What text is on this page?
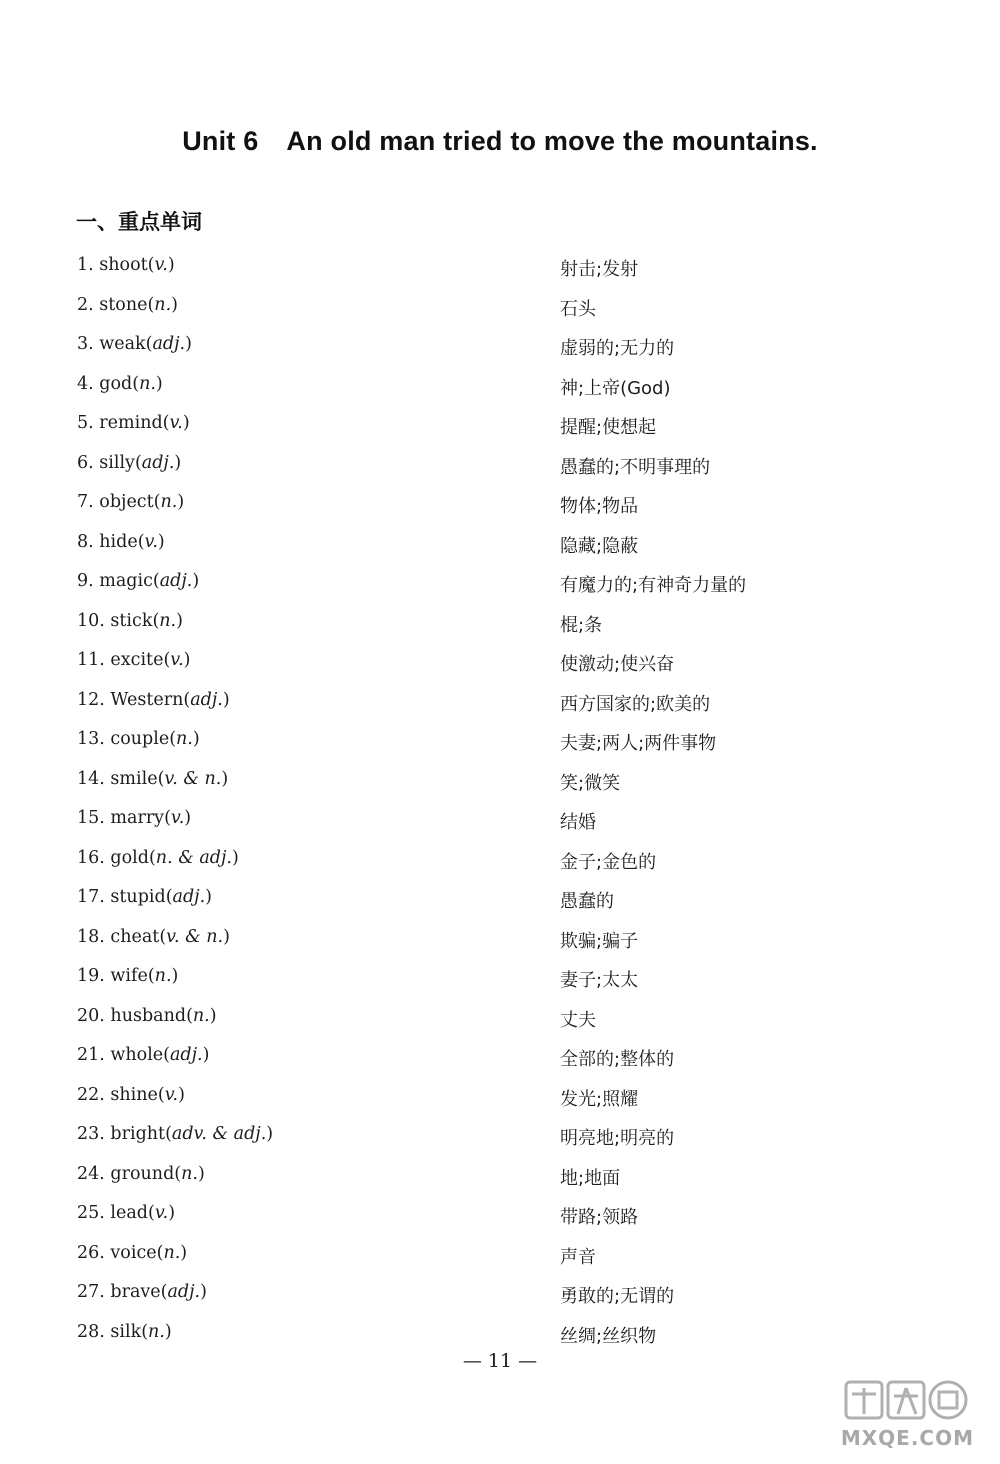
Unit 6 An old man tried to move the mountains.
一、重点单词
1. shoot(v.)	射击;发射
2. stone(n.)	石头
3. weak(adj.)	虚弱的;无力的
4. god(n.)	神;上帝(God)
5. remind(v.)	提醒;使想起
6. silly(adj.)	愚蠢的;不明事理的
7. object(n.)	物体;物品
8. hide(v.)	隐藏;隐蔽
9. magic(adj.)	有魔力的;有神奇力量的
10. stick(n.)	棍;条
11. excite(v.)	使激动;使兴奋
12. Western(adj.)	西方国家的;欧美的
13. couple(n.)	夫妻;两人;两件事物
14. smile(v. & n.)	笑;微笑
15. marry(v.)	结婚
16. gold(n. & adj.)	金子;金色的
17. stupid(adj.)	愚蠢的
18. cheat(v. & n.)	欺骗;骗子
19. wife(n.)	妻子;太太
20. husband(n.)	丈夫
21. whole(adj.)	全部的;整体的
22. shine(v.)	发光;照耀
23. bright(adv. & adj.)	明亮地;明亮的
24. ground(n.)	地;地面
25. lead(v.)	带路;领路
26. voice(n.)	声音
27. brave(adj.)	勇敢的;无谓的
28. silk(n.)	丝绸;丝织物
— 11 —
MXQE.COM
